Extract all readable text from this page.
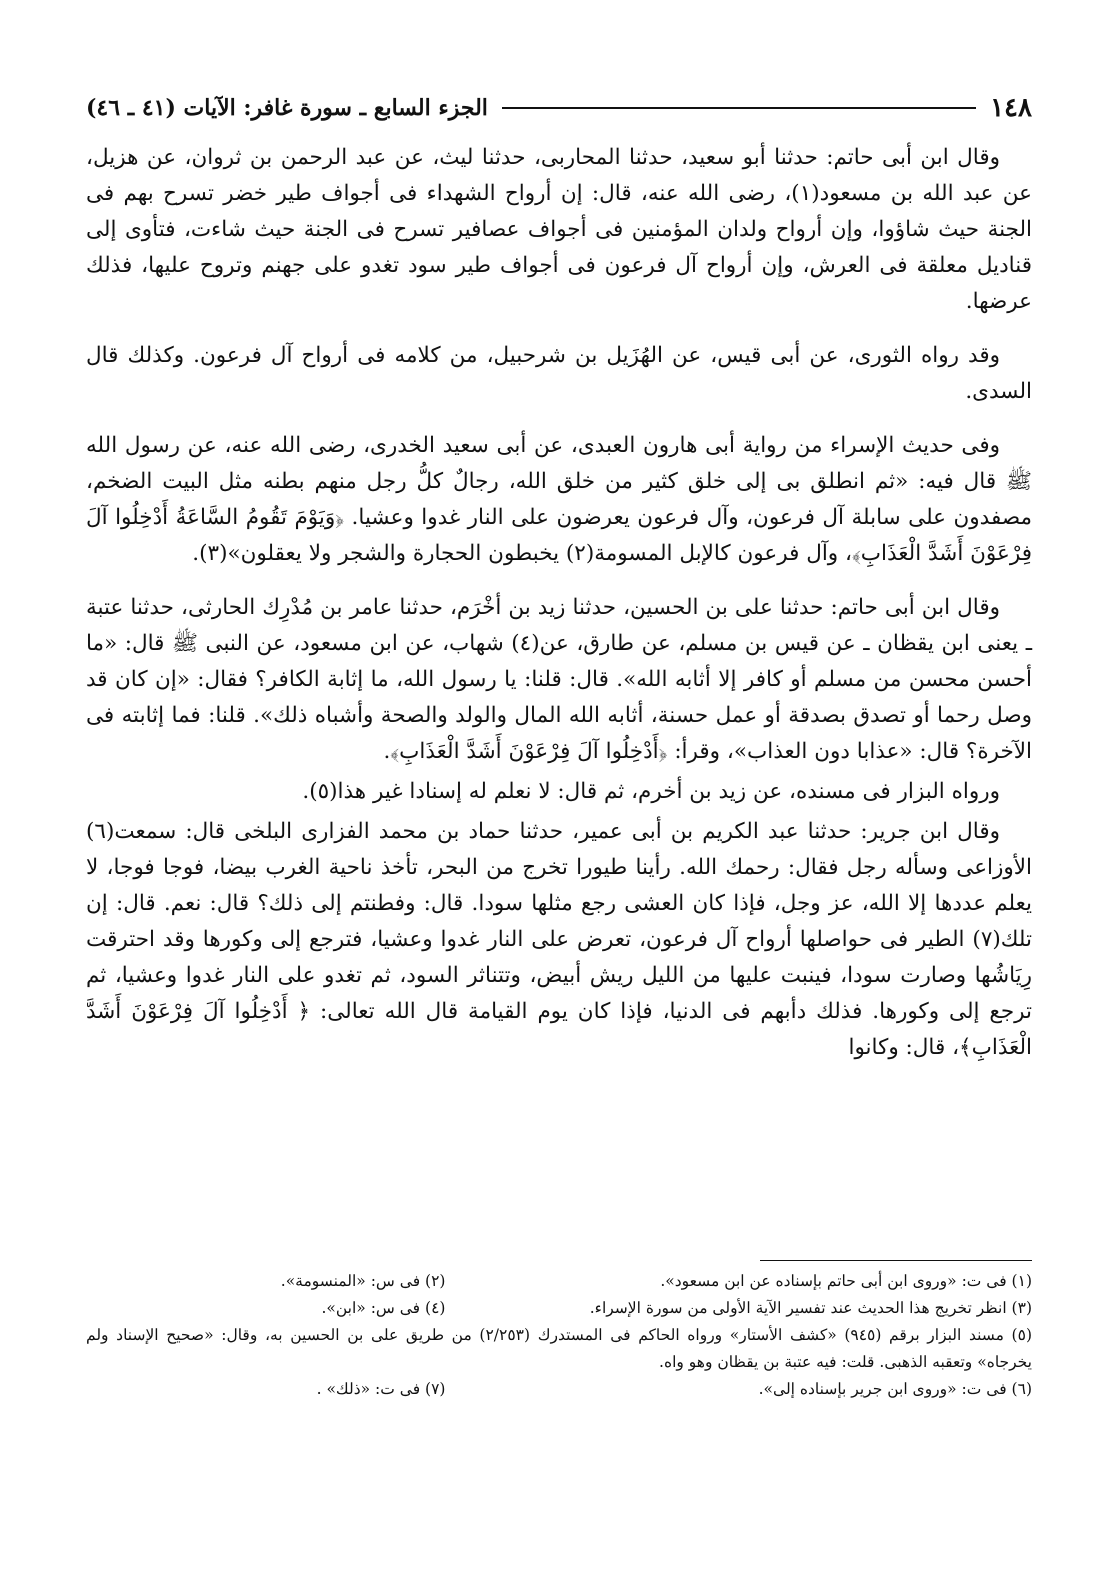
١٤٨
الجزء السابع ـ سورة غافر: الآيات (٤١ ـ ٤٦)

وقال ابن أبى حاتم: حدثنا أبو سعيد، حدثنا المحاربى، حدثنا ليث، عن عبد الرحمن بن ثروان، عن هزيل، عن عبد الله بن مسعود(١)، رضى الله عنه، قال: إن أرواح الشهداء فى أجواف طير خضر تسرح بهم فى الجنة حيث شاؤوا، وإن أرواح ولدان المؤمنين فى أجواف عصافير تسرح فى الجنة حيث شاءت، فتأوى إلى قناديل معلقة فى العرش، وإن أرواح آل فرعون فى أجواف طير سود تغدو على جهنم وتروح عليها، فذلك عرضها.

وقد رواه الثورى، عن أبى قيس، عن الهُزَيل بن شرحبيل، من كلامه فى أرواح آل فرعون. وكذلك قال السدى.

وفى حديث الإسراء من رواية أبى هارون العبدى، عن أبى سعيد الخدرى، رضى الله عنه، عن رسول الله ﷺ قال فيه: «ثم انطلق بى إلى خلق كثير من خلق الله، رجالٌ كلُّ رجل منهم بطنه مثل البيت الضخم، مصفدون على سابلة آل فرعون، وآل فرعون يعرضون على النار غدوا وعشيا. ﴿وَيَوْمَ تَقُومُ السَّاعَةُ أَدْخِلُوا آلَ فِرْعَوْنَ أَشَدَّ الْعَذَابِ﴾، وآل فرعون كالإبل المسومة(٢) يخبطون الحجارة والشجر ولا يعقلون»(٣).

وقال ابن أبى حاتم: حدثنا على بن الحسين، حدثنا زيد بن أخْرَم، حدثنا عامر بن مُدْرِك الحارثى، حدثنا عتبة ـ يعنى ابن يقظان ـ عن قيس بن مسلم، عن طارق، عن(٤) شهاب، عن ابن مسعود، عن النبى ﷺ قال: «ما أحسن محسن من مسلم أو كافر إلا أثابه الله». قال: قلنا: يا رسول الله، ما إثابة الكافر؟ فقال: «إن كان قد وصل رحما أو تصدق بصدقة أو عمل حسنة، أثابه الله المال والولد والصحة وأشباه ذلك». قلنا: فما إثابته فى الآخرة؟ قال: «عذابا دون العذاب»، وقرأ: ﴿أَدْخِلُوا آلَ فِرْعَوْنَ أَشَدَّ الْعَذَابِ﴾.

ورواه البزار فى مسنده، عن زيد بن أخرم، ثم قال: لا نعلم له إسنادا غير هذا(٥).

وقال ابن جرير: حدثنا عبد الكريم بن أبى عمير، حدثنا حماد بن محمد الفزارى البلخى قال: سمعت(٦) الأوزاعى وسأله رجل فقال: رحمك الله. رأينا طيورا تخرج من البحر، تأخذ ناحية الغرب بيضا، فوجا فوجا، لا يعلم عددها إلا الله، عز وجل، فإذا كان العشى رجع مثلها سودا. قال: وفطنتم إلى ذلك؟ قال: نعم. قال: إن تلك(٧) الطير فى حواصلها أرواح آل فرعون، تعرض على النار غدوا وعشيا، فترجع إلى وكورها وقد احترقت رِيَاشُها وصارت سودا، فينبت عليها من الليل ريش أبيض، وتتناثر السود، ثم تغدو على النار غدوا وعشيا، ثم ترجع إلى وكورها. فذلك دأبهم فى الدنيا، فإذا كان يوم القيامة قال الله تعالى: ﴿ أَدْخِلُوا آلَ فِرْعَوْنَ أَشَدَّ الْعَذَابِ﴾، قال: وكانوا

(١) فى ت: «وروى ابن أبى حاتم بإسناده عن ابن مسعود».
(٢) فى س: «المنسومة».
(٣) انظر تخريج هذا الحديث عند تفسير الآية الأولى من سورة الإسراء.
(٤) فى س: «ابن».
(٥) مسند البزار برقم (٩٤٥) «كشف الأستار» ورواه الحاكم فى المستدرك (٢/٢٥٣) من طريق على بن الحسين به، وقال: «صحيح الإسناد ولم يخرجاه» وتعقبه الذهبى. قلت: فيه عتبة بن يقظان وهو واه.
(٦) فى ت: «وروى ابن جرير بإسناده إلى».
(٧) فى ت: «ذلك» .
